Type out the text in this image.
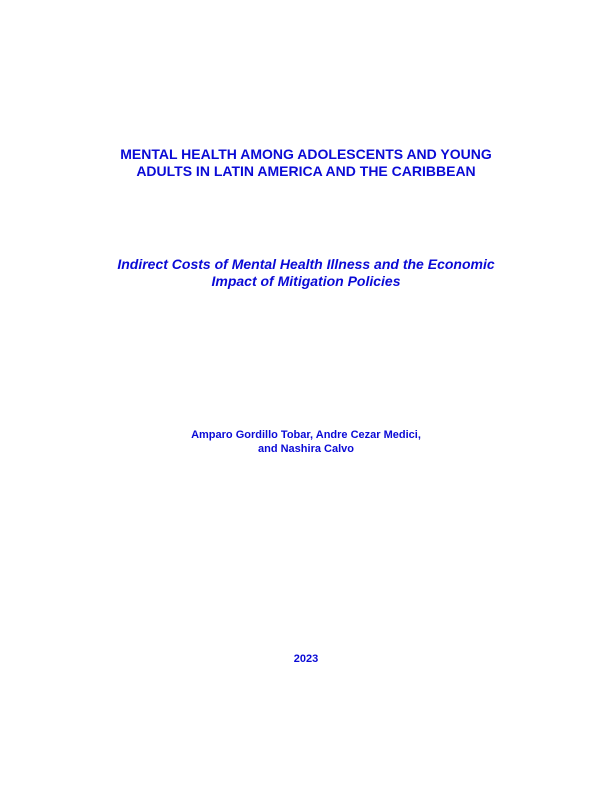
MENTAL HEALTH AMONG ADOLESCENTS AND YOUNG
ADULTS IN LATIN AMERICA AND THE CARIBBEAN
Indirect Costs of Mental Health Illness and the Economic
Impact of Mitigation Policies
Amparo Gordillo Tobar, Andre Cezar Medici,
and Nashira Calvo
2023
